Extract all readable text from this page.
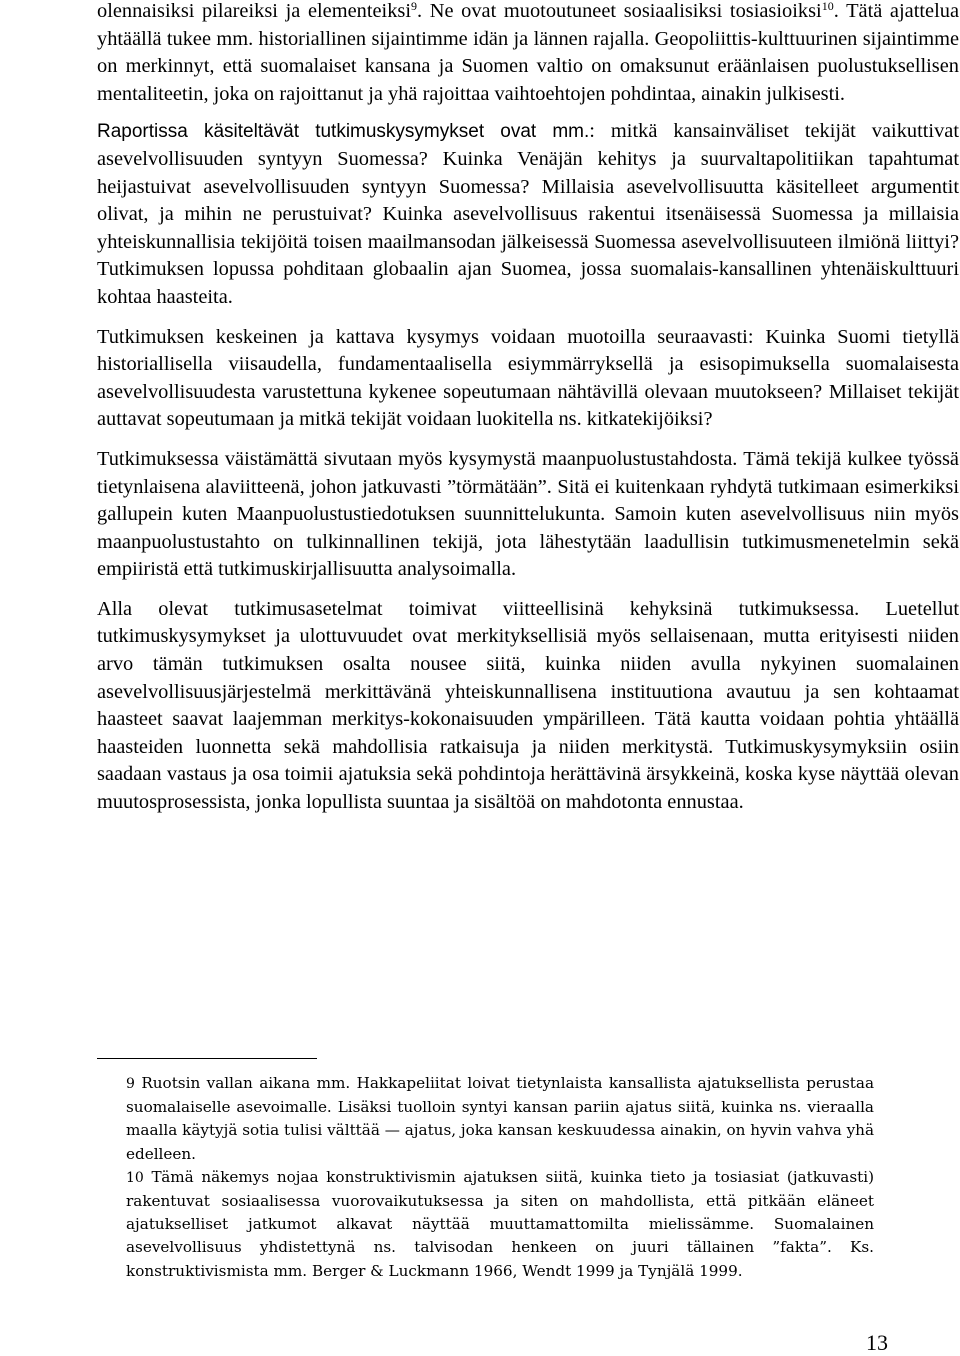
olennaisiksi pilareiksi ja elementeiksi$^9$. Ne ovat muotoutuneet sosiaalisiksi tosiasioiksi$^{10}$. Tätä ajattelua yhtäällä tukee mm. historiallinen sijaintimme idän ja lännen rajalla. Geopoliittis-kulttuurinen sijaintimme on merkinnyt, että suomalaiset kansana ja Suomen valtio on omaksunut eräänlaisen puolustuksellisen mentaliteetin, joka on rajoittanut ja yhä rajoittaa vaihtoehtojen pohdintaa, ainakin julkisesti.

Raportissa käsiteltävät tutkimuskysymykset ovat mm.: mitkä kansainväliset tekijät vaikuttivat asevelvollisuuden syntyyn Suomessa? Kuinka Venäjän kehitys ja suurvaltapolitiikan tapahtumat heijastuivat asevelvollisuuden syntyyn Suomessa? Millaisia asevelvollisuutta käsitelleet argumentit olivat, ja mihin ne perustuivat? Kuinka asevelvollisuus rakentui itsenäisessä Suomessa ja millaisia yhteiskunnallisia tekijöitä toisen maailmansodan jälkeisessä Suomessa asevelvollisuuteen ilmiönä liittyi? Tutkimuksen lopussa pohditaan globaalin ajan Suomea, jossa suomalais-kansallinen yhtenäiskulttuuri kohtaa haasteita.

Tutkimuksen keskeinen ja kattava kysymys voidaan muotoilla seuraavasti: Kuinka Suomi tietyllä historiallisella viisaudella, fundamentaalisella esiymmärryksellä ja esisopimuksella suomalaisesta asevelvollisuudesta varustettuna kykenee sopeutumaan nähtävillä olevaan muutokseen? Millaiset tekijät auttavat sopeutumaan ja mitkä tekijät voidaan luokitella ns. kitkatekijöiksi?

Tutkimuksessa väistämättä sivutaan myös kysymystä maanpuolustustahdosta. Tämä tekijä kulkee työssä tietynlaisena alaviitteenä, johon jatkuvasti ”törmätään”. Sitä ei kuitenkaan ryhdytä tutkimaan esimerkiksi gallupein kuten Maanpuolustustiedotuksen suunnittelukunta. Samoin kuten asevelvollisuus niin myös maanpuolustustahto on tulkinnallinen tekijä, jota lähestytään laadullisin tutkimusmenetelmin sekä empiiristä että tutkimuskirjallisuutta analysoimalla.

Alla olevat tutkimusasetelmat toimivat viitteellisinä kehyksinä tutkimuksessa. Luetellut tutkimuskysymykset ja ulottuvuudet ovat merkityksellisiä myös sellaisenaan, mutta erityisesti niiden arvo tämän tutkimuksen osalta nousee siitä, kuinka niiden avulla nykyinen suomalainen asevelvollisuusjärjestelmä merkittävänä yhteiskunnallisena instituutiona avautuu ja sen kohtaamat haasteet saavat laajemman merkitys-kokonaisuuden ympärilleen. Tätä kautta voidaan pohtia yhtäällä haasteiden luonnetta sekä mahdollisia ratkaisuja ja niiden merkitystä. Tutkimuskysymyksiin osiin saadaan vastaus ja osa toimii ajatuksia sekä pohdintoja herättävinä ärsykkeinä, koska kyse näyttää olevan muutosprosessista, jonka lopullista suuntaa ja sisältöä on mahdotonta ennustaa.

9 Ruotsin vallan aikana mm. Hakkapeliitat loivat tietynlaista kansallista ajatuksellista perustaa suomalaiselle asevoimalle. Lisäksi tuolloin syntyi kansan pariin ajatus siitä, kuinka ns. vieraalla maalla käytyjä sotia tulisi välttää — ajatus, joka kansan keskuudessa ainakin, on hyvin vahva yhä edelleen.

10 Tämä näkemys nojaa konstruktivismin ajatuksen siitä, kuinka tieto ja tosiasiat (jatkuvasti) rakentuvat sosiaalisessa vuorovaikutuksessa ja siten on mahdollista, että pitkään eläneet ajatukselliset jatkumot alkavat näyttää muuttamattomilta mielissämme. Suomalainen asevelvollisuus yhdistettynä ns. talvisodan henkeen on juuri tällainen ”fakta”. Ks. konstruktivismista mm. Berger & Luckmann 1966, Wendt 1999 ja Tynjälä 1999.

13
